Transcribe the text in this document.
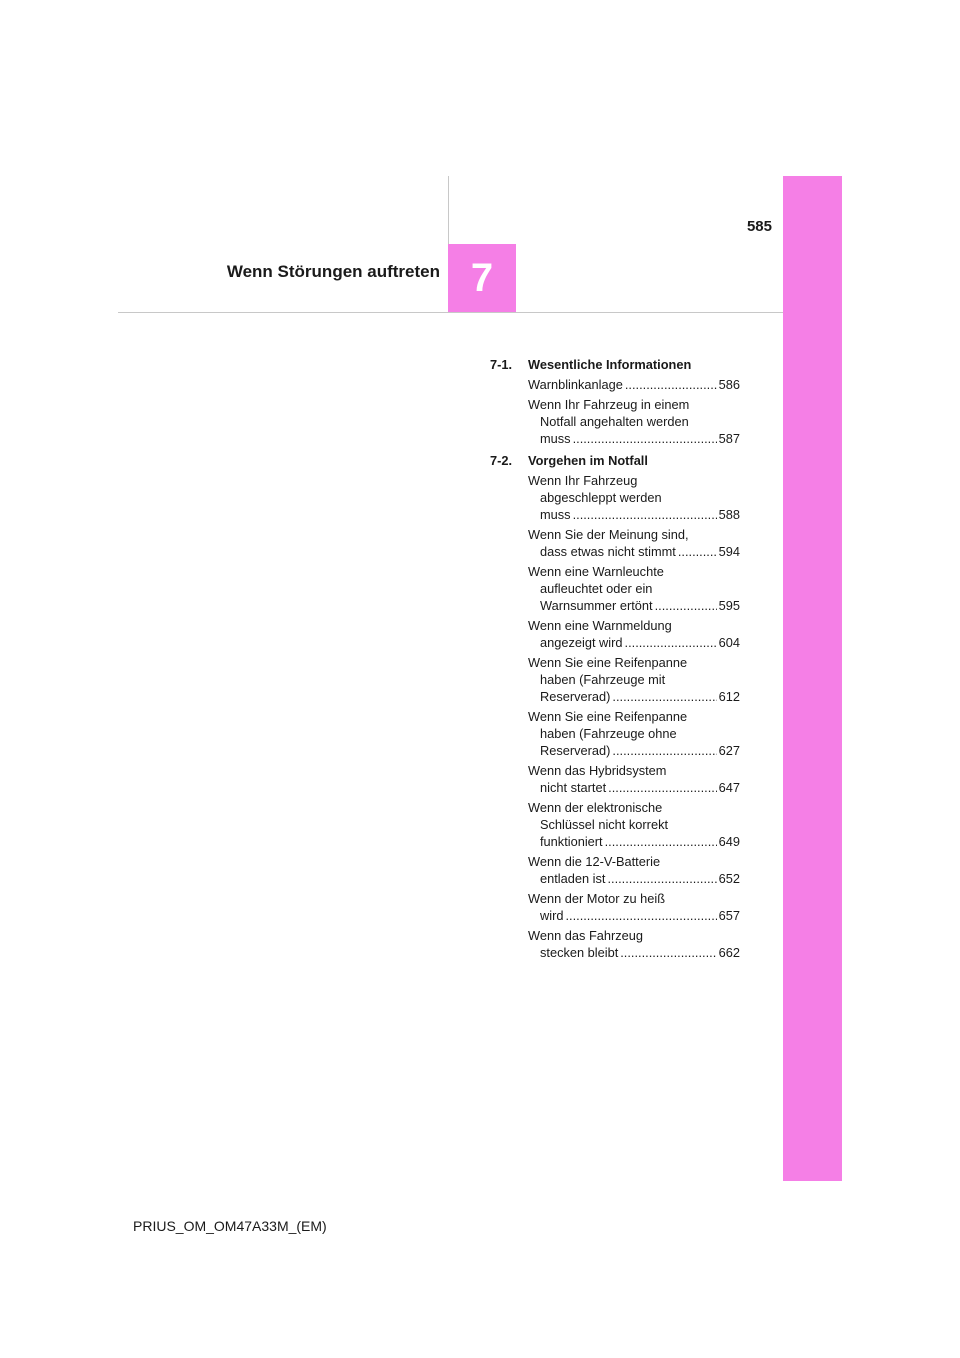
7
Wenn Störungen auftreten
585
7-1.	Wesentliche Informationen
Warnblinkanlage .....	586
Wenn Ihr Fahrzeug in einem
Notfall angehalten werden
muss .....	587
7-2.	Vorgehen im Notfall
Wenn Ihr Fahrzeug
abgeschleppt werden
muss .....	588
Wenn Sie der Meinung sind,
dass etwas nicht stimmt .....	594
Wenn eine Warnleuchte
aufleuchtet oder ein
Warnsummer ertönt .....	595
Wenn eine Warnmeldung
angezeigt wird .....	604
Wenn Sie eine Reifenpanne
haben (Fahrzeuge mit
Reserverad) .....	612
Wenn Sie eine Reifenpanne
haben (Fahrzeuge ohne
Reserverad) .....	627
Wenn das Hybridsystem
nicht startet .....	647
Wenn der elektronische
Schlüssel nicht korrekt
funktioniert .....	649
Wenn die 12-V-Batterie
entladen ist .....	652
Wenn der Motor zu heiß
wird .....	657
Wenn das Fahrzeug
stecken bleibt .....	662
PRIUS_OM_OM47A33M_(EM)
